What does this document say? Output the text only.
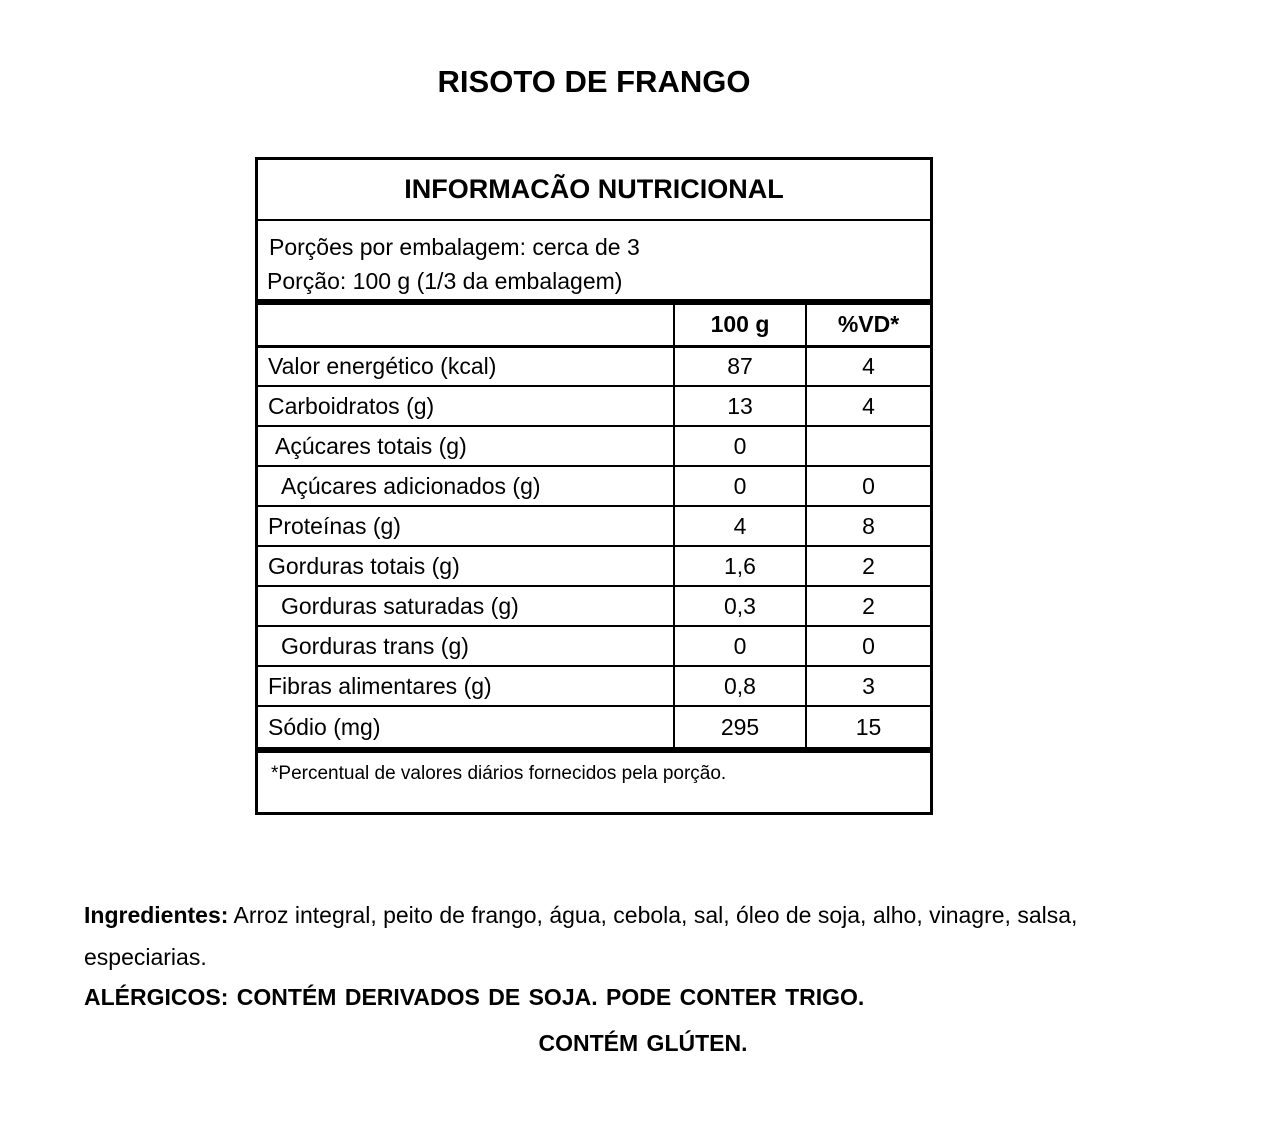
RISOTO DE FRANGO
INFORMACÃO NUTRICIONAL
Porções por embalagem: cerca de 3
Porção: 100 g (1/3 da embalagem)
	100 g	%VD*
Valor energético (kcal)	87	4
Carboidratos (g)	13	4
Açúcares totais (g)	0	
Açúcares adicionados (g)	0	0
Proteínas (g)	4	8
Gorduras totais (g)	1,6	2
Gorduras saturadas (g)	0,3	2
Gorduras trans (g)	0	0
Fibras alimentares (g)	0,8	3
Sódio (mg)	295	15
*Percentual de valores diários fornecidos pela porção.
Ingredientes: Arroz integral, peito de frango, água, cebola, sal, óleo de soja, alho, vinagre, salsa, especiarias.
ALÉRGICOS: CONTÉM DERIVADOS DE SOJA. PODE CONTER TRIGO.
CONTÉM GLÚTEN.
